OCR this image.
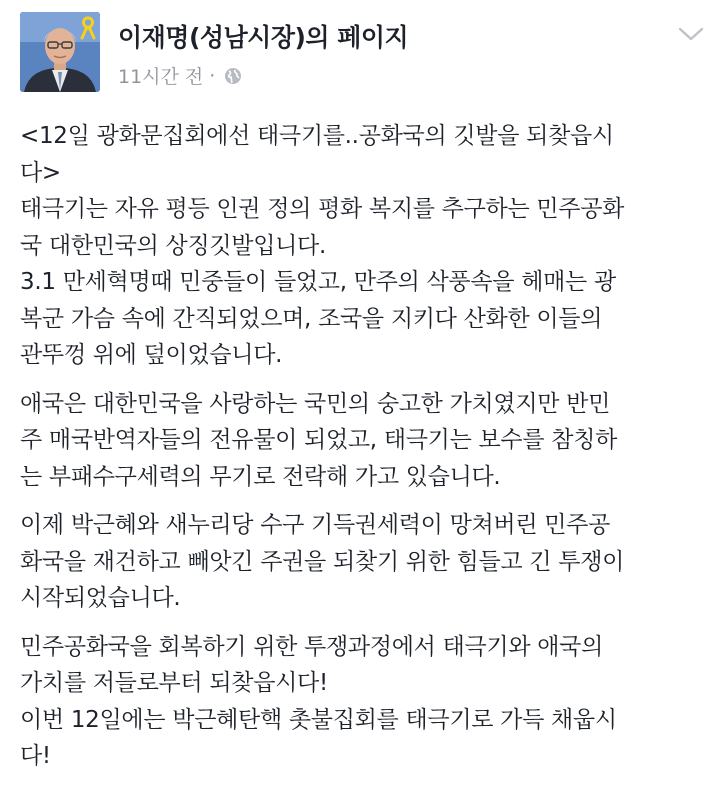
이재명(성남시장)의 페이지
11시간 전 ·
<12일 광화문집회에선 태극기를..공화국의 깃발을 되찾읍시
다>
태극기는 자유 평등 인권 정의 평화 복지를 추구하는 민주공화
국 대한민국의 상징깃발입니다.
3.1 만세혁명때 민중들이 들었고, 만주의 삭풍속을 헤매는 광
복군 가슴 속에 간직되었으며, 조국을 지키다 산화한 이들의
관뚜껑 위에 덮이었습니다.
애국은 대한민국을 사랑하는 국민의 숭고한 가치였지만 반민
주 매국반역자들의 전유물이 되었고, 태극기는 보수를 참칭하
는 부패수구세력의 무기로 전락해 가고 있습니다.
이제 박근혜와 새누리당 수구 기득권세력이 망쳐버린 민주공
화국을 재건하고 빼앗긴 주권을 되찾기 위한 힘들고 긴 투쟁이
시작되었습니다.
민주공화국을 회복하기 위한 투쟁과정에서 태극기와 애국의
가치를 저들로부터 되찾읍시다!
이번 12일에는 박근혜탄핵 촛불집회를 태극기로 가득 채웁시
다!
